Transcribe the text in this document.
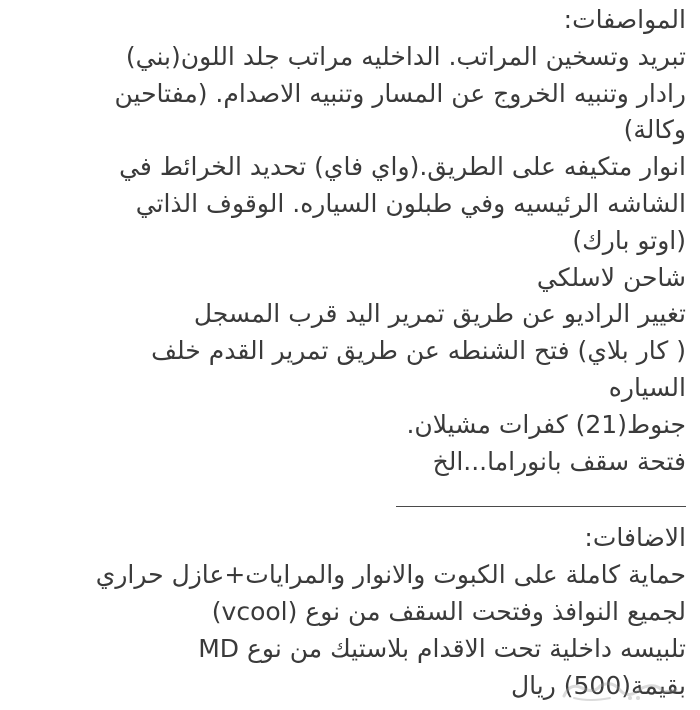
المواصفات:
تبريد وتسخين المراتب. الداخليه مراتب جلد اللون(بني)
رادار وتنبيه الخروج عن المسار وتنبيه الاصدام. (مفتاحين
وكالة)
انوار متكيفه على الطريق.(واي فاي) تحديد الخرائط في
الشاشه الرئيسيه وفي طبلون السياره. الوقوف الذاتي
(اوتو بارك)
شاحن لاسلكي
تغيير الراديو عن طريق تمرير اليد قرب المسجل
( كار بلاي) فتح الشنطه عن طريق تمرير القدم خلف
السياره
جنوط(21) كفرات مشيلان.
فتحة سقف بانوراما...الخ
الاضافات:
حماية كاملة على الكبوت والانوار والمرايات+عازل حراري
لجميع النوافذ وفتحت السقف من نوع (vcool)
تلبيسه داخلية تحت الاقدام بلاستيك من نوع MD
بقيمة(500) ريال
